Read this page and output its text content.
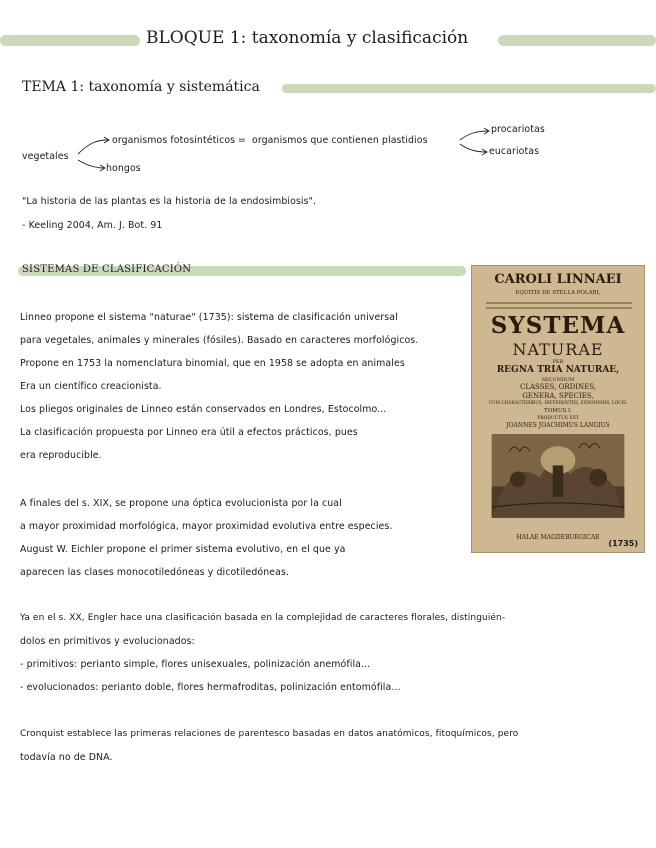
BLOQUE 1: taxonomía y clasificación
TEMA 1: taxonomía y sistemática
vegetales
organismos fotosintéticos = organismos que contienen plastidios
procariotas
eucariotas
hongos
"La historia de las plantas es la historia de la endosimbiosis".
- Keeling 2004, Am. J. Bot. 91
SISTEMAS DE CLASIFICACIÓN
Linneo propone el sistema "naturae" (1735): sistema de clasificación universal
para vegetales, animales y minerales (fósiles). Basado en caracteres morfológicos.
Propone en 1753 la nomenclatura binomial, que en 1958 se adopta en animales
Era un científico creacionista.
Los pliegos originales de Linneo están conservados en Londres, Estocolmo...
La clasificación propuesta por Linneo era útil a efectos prácticos, pues
era reproducible.
A finales del s. XIX, se propone una óptica evolucionista por la cual
a mayor proximidad morfológica, mayor proximidad evolutiva entre especies.
August W. Eichler propone el primer sistema evolutivo, en el que ya
aparecen las clases monocotiledóneas y dicotiledóneas.
Ya en el s. XX, Engler hace una clasificación basada en la complejidad de caracteres florales, distinguién-
dolos en primitivos y evolucionados:
- primitivos: perianto simple, flores unisexuales, polinización anemófila...
- evolucionados: perianto doble, flores hermafroditas, polinización entomófila...
Cronquist establece las primeras relaciones de parentesco basadas en datos anatómicos, fitoquímicos, pero
todavía no de DNA.
CAROLI LINNAEI
EQUITIS DE STELLA POLARI,
SYSTEMA
NATURAE
PER
REGNA TRIA NATURAE,
SECUNDUM
CLASSES, ORDINES,
GENERA, SPECIES,
CUM CHARACTERIBUS, DIFFERENTIIS, SYNONYMIS, LOCIS.
TOMUS I.
PRODUCTUS EST
JOANNES JOACHIMUS LANGIUS
HALAE MAGDEBURGICAE
(1735)
